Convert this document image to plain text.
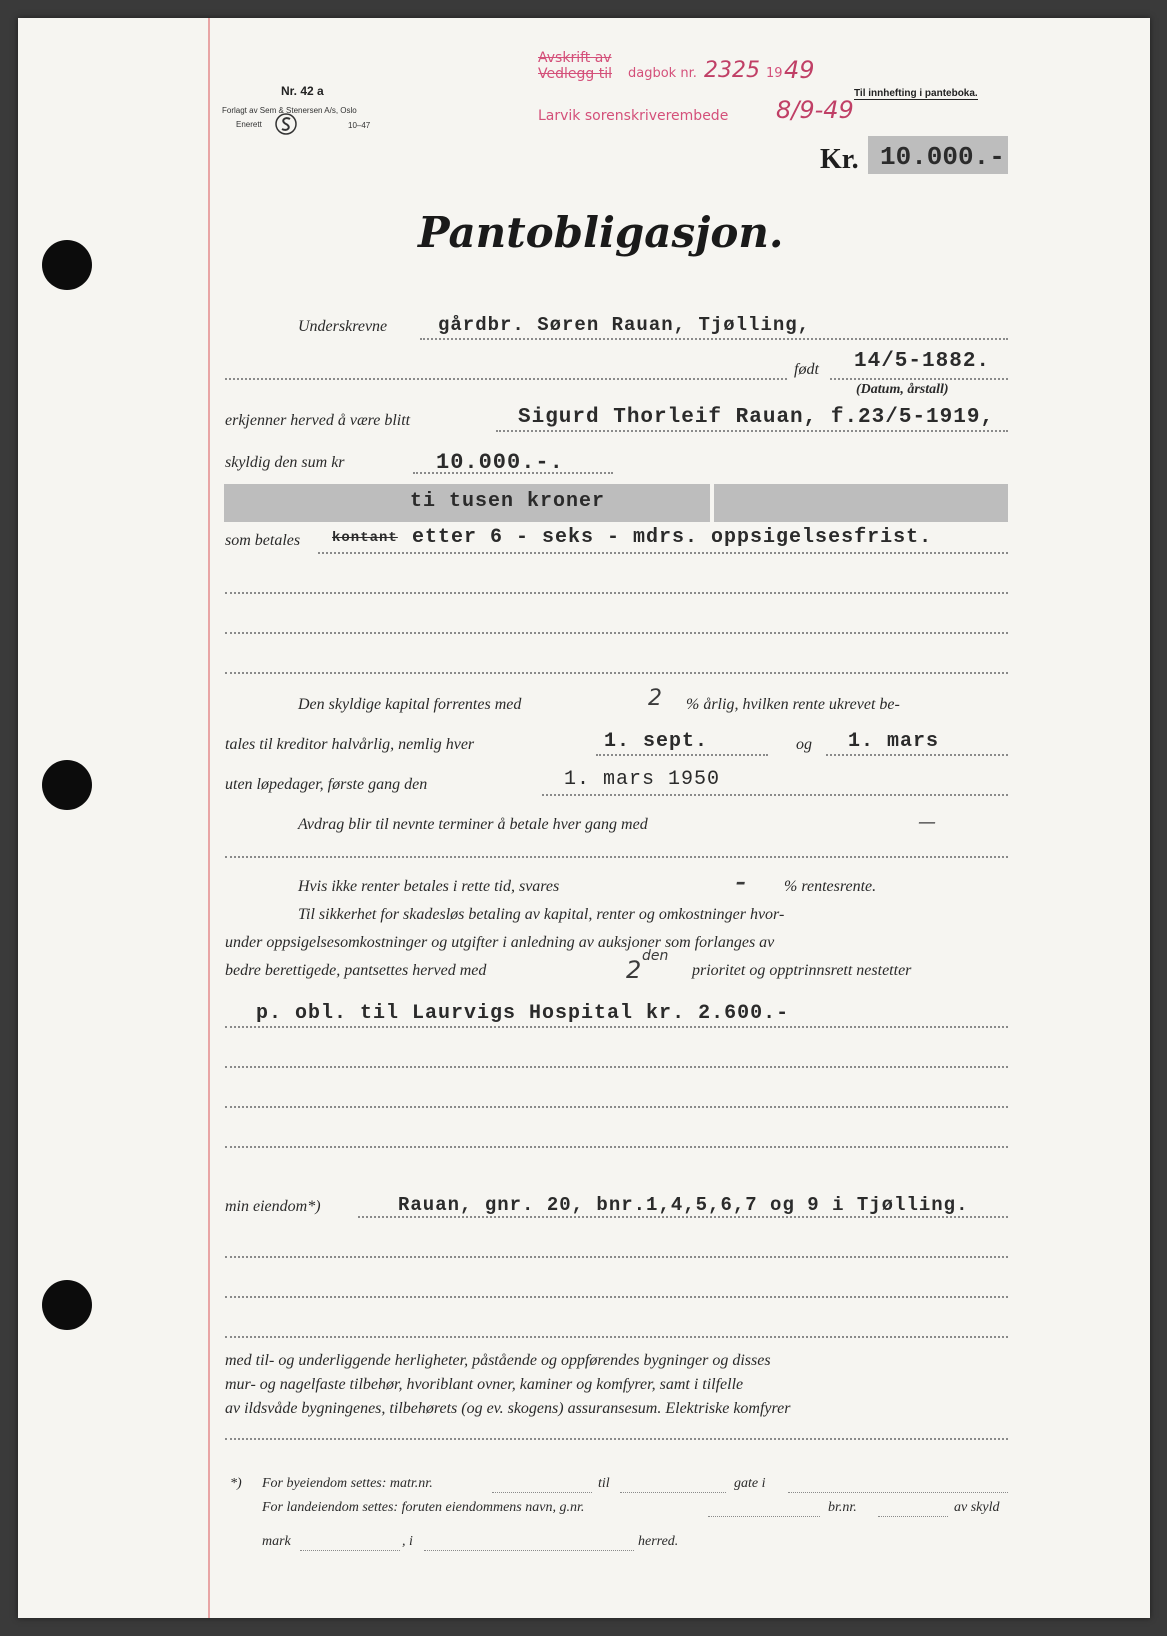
Nr. 42 a
Forlagt av Sem & Stenersen A/s, Oslo
Enerett	10–47
Avskrift av
Vedlegg til dagbok nr. 2325 19 49
Larvik sorenskriverembede 8/9-49
Til innhefting i panteboka.
Kr. 10.000.-
Pantobligasjon.
Underskrevne	gårdbr. Søren Rauan, Tjølling,
født 14/5-1882.
(Datum, årstall)
erkjenner herved å være blitt	Sigurd Thorleif Rauan, f.23/5-1919,
skyldig den sum kr	10.000.-.
ti tusen kroner
som betales kontant etter 6 - seks - mdrs. oppsigelsesfrist.
Den skyldige kapital forrentes med	2 % årlig, hvilken rente ukrevet be-
tales til kreditor halvårlig, nemlig hver	1. sept.	og 1. mars
uten løpedager, første gang den	1. mars 1950
Avdrag blir til nevnte terminer å betale hver gang med	—
Hvis ikke renter betales i rette tid, svares	– % rentesrente.
Til sikkerhet for skadesløs betaling av kapital, renter og omkostninger hvor-
under oppsigelsesomkostninger og utgifter i anledning av auksjoner som forlanges av
bedre berettigede, pantsettes herved med	2 den
prioritet og opptrinnsrett nestetter
p. obl. til Laurvigs Hospital kr. 2.600.-
min eiendom*)	Rauan, gnr. 20, bnr.1,4,5,6,7 og 9 i Tjølling.
med til- og underliggende herligheter, påstående og oppførendes bygninger og disses
mur- og nagelfaste tilbehør, hvoriblant ovner, kaminer og komfyrer, samt i tilfelle
av ildsvåde bygningenes, tilbehørets (og ev. skogens) assuransesum. Elektriske komfyrer
*) For byeiendom settes: matr.nr.	til	gate i
For landeiendom settes: foruten eiendommens navn, g.nr.	br.nr.	av skyld
mark	, i	herred.
